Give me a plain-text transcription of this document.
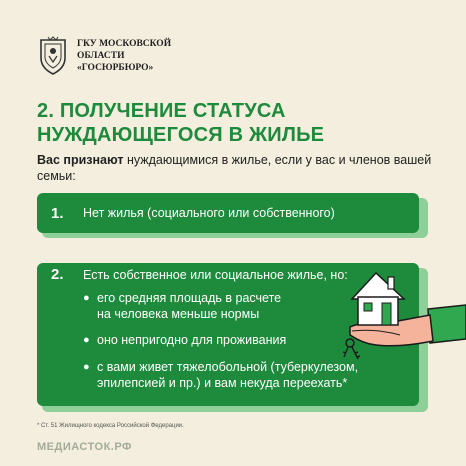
ГКУ МОСКОВСКОЙ
ОБЛАСТИ
«ГОСЮРБЮРО»
2. ПОЛУЧЕНИЕ СТАТУСА
НУЖДАЮЩЕГОСЯ В ЖИЛЬЕ
Вас признают нуждающимися в жилье, если у вас и членов вашей семьи:
1.	Нет жилья (социального или собственного)
2.	Есть собственное или социальное жилье, но:
● его средняя площадь в расчете
на человека меньше нормы
● оно непригодно для проживания
● с вами живет тяжелобольной (туберкулезом,
эпилепсией и пр.) и вам некуда переехать*
* Ст. 51 Жилищного кодекса Российской Федерации.
МЕДИАСТОК.РФ
